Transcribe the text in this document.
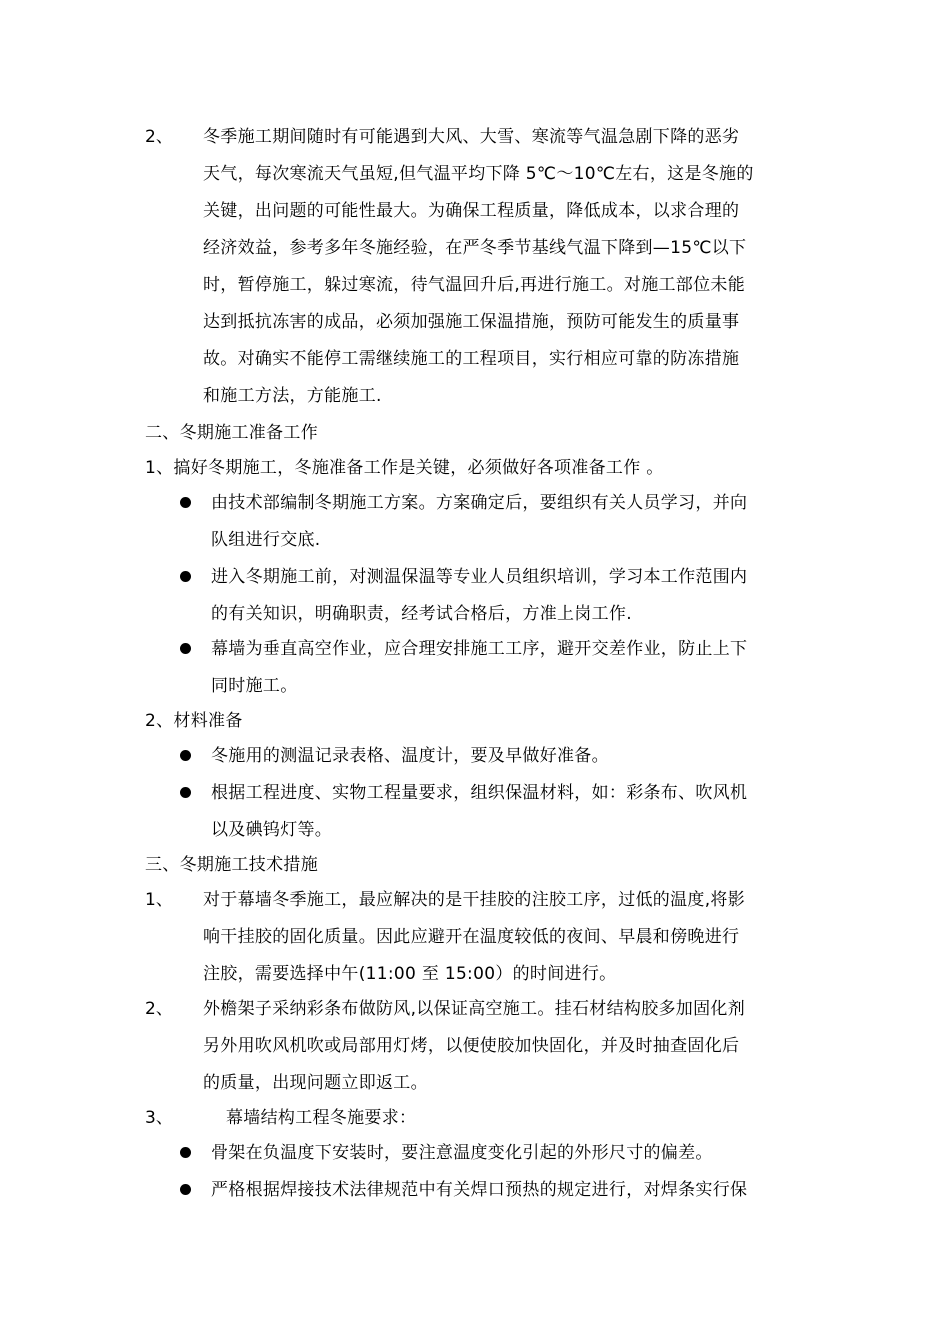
2、 冬季施工期间随时有可能遇到大风、大雪、寒流等气温急剧下降的恶劣
天气，每次寒流天气虽短,但气温平均下降 5℃～10℃左右，这是冬施的
关键，出问题的可能性最大。为确保工程质量，降低成本，以求合理的
经济效益，参考多年冬施经验，在严冬季节基线气温下降到—15℃以下
时，暂停施工，躲过寒流，待气温回升后,再进行施工。对施工部位未能
达到抵抗冻害的成品，必须加强施工保温措施，预防可能发生的质量事
故。对确实不能停工需继续施工的工程项目，实行相应可靠的防冻措施
和施工方法，方能施工.
二、冬期施工准备工作
1、搞好冬期施工，冬施准备工作是关键，必须做好各项准备工作 。
由技术部编制冬期施工方案。方案确定后，要组织有关人员学习，并向
队组进行交底.
进入冬期施工前，对测温保温等专业人员组织培训，学习本工作范围内
的有关知识，明确职责，经考试合格后，方准上岗工作.
幕墙为垂直高空作业，应合理安排施工工序，避开交差作业，防止上下
同时施工。
2、材料准备
冬施用的测温记录表格、温度计，要及早做好准备。
根据工程进度、实物工程量要求，组织保温材料，如：彩条布、吹风机
以及碘钨灯等。
三、冬期施工技术措施
1、 对于幕墙冬季施工，最应解决的是干挂胶的注胶工序，过低的温度,将影
响干挂胶的固化质量。因此应避开在温度较低的夜间、早晨和傍晚进行
注胶，需要选择中午(11:00 至 15:00）的时间进行。
2、 外檐架子采纳彩条布做防风,以保证高空施工。挂石材结构胶多加固化剂
另外用吹风机吹或局部用灯烤，以便使胶加快固化，并及时抽查固化后
的质量，出现问题立即返工。
3、	幕墙结构工程冬施要求：
骨架在负温度下安装时，要注意温度变化引起的外形尺寸的偏差。
严格根据焊接技术法律规范中有关焊口预热的规定进行，对焊条实行保
